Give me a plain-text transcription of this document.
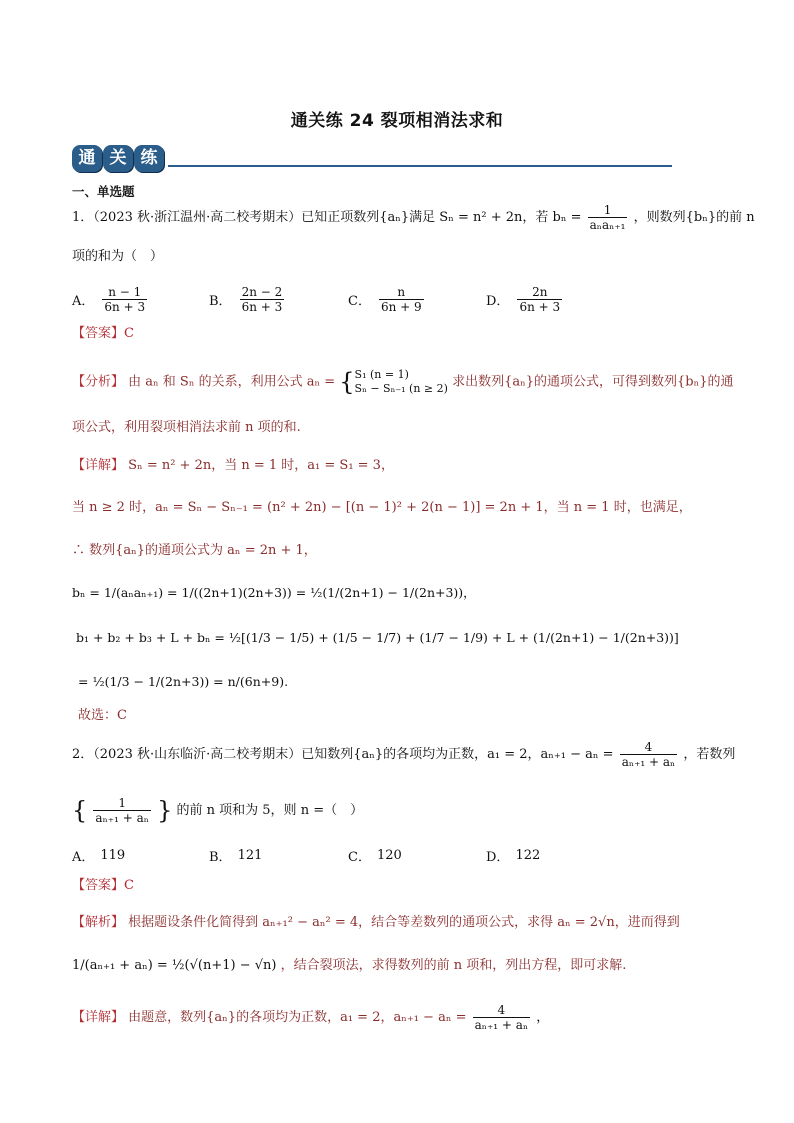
通关练 24 裂项相消法求和
通 关 练
一、单选题
1．（2023 秋·浙江温州·高二校考期末）已知正项数列{aₙ}满足 Sₙ = n² + 2n，若 $b_n = \frac{1}{\text{aₙaₙ₊₁}}$ ，则数列{bₙ}的前 n
项的和为（　）
A． $\frac{n - 1}{6n + 3}$	B． $\frac{2n - 2}{6n + 3}$	C． $\frac{n}{6n + 9}$	D． $\frac{2n}{6n + 3}$
【答案】C
【分析】 由 aₙ 和 Sₙ 的关系，利用公式 aₙ = { S₁ (n = 1)
Sₙ − Sₙ₋₁ (n ≥ 2) 求出数列{aₙ}的通项公式，可得到数列{bₙ}的通
项公式，利用裂项相消法求前 n 项的和.
【详解】 Sₙ = n² + 2n，当 n = 1 时，a₁ = S₁ = 3，
当 n ≥ 2 时，aₙ = Sₙ − Sₙ₋₁ = (n² + 2n) − [(n − 1)² + 2(n − 1)] = 2n + 1，当 n = 1 时，也满足，
∴ 数列{aₙ}的通项公式为 aₙ = 2n + 1，
bₙ = 1/(aₙaₙ₊₁) = 1/((2n+1)(2n+3)) = ½(1/(2n+1) − 1/(2n+3))，
b₁ + b₂ + b₃ + L + bₙ = ½[(1/3 − 1/5) + (1/5 − 1/7) + (1/7 − 1/9) + L + (1/(2n+1) − 1/(2n+3))]
= ½(1/3 − 1/(2n+3)) = n/(6n+9).
故选：C
2．（2023 秋·山东临沂·高二校考期末）已知数列{aₙ}的各项均为正数，a₁ = 2，$a_{n+1} - a_n = \frac{4}{\text{aₙ₊₁ + aₙ}}$ ，若数列
{ $\frac{1}{\text{aₙ₊₁ + aₙ}}$ } 的前 n 项和为 5，则 n =（　）
A． 119	B． 121	C． 120	D． 122
【答案】C
【解析】 根据题设条件化简得到 aₙ₊₁² − aₙ² = 4，结合等差数列的通项公式，求得 aₙ = 2√n，进而得到
1/(aₙ₊₁ + aₙ) = ½(√(n+1) − √n) ，结合裂项法，求得数列的前 n 项和，列出方程，即可求解.
【详解】 由题意，数列{aₙ}的各项均为正数，a₁ = 2，$a_{n+1} - a_n = \frac{4}{\text{aₙ₊₁ + aₙ}}$ ，
